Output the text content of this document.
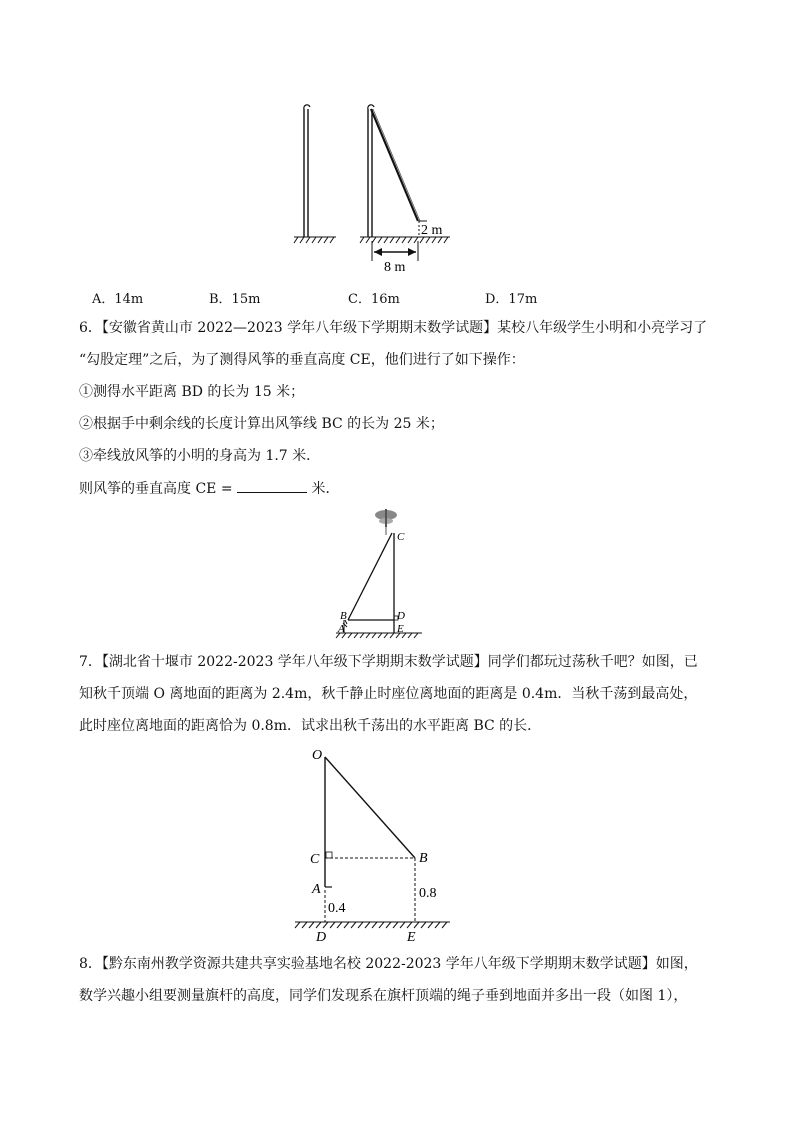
2 m
8 m
A．14m	B．15m	C．16m	D．17m
6．【安徽省黄山市 2022—2023 学年八年级下学期期末数学试题】某校八年级学生小明和小亮学习了
“勾股定理”之后，为了测得风筝的垂直高度 CE，他们进行了如下操作：
①测得水平距离 BD 的长为 15 米；
②根据手中剩余线的长度计算出风筝线 BC 的长为 25 米；
③牵线放风筝的小明的身高为 1.7 米．
则风筝的垂直高度 CE =	米．
C
B	D
A	E
7．【湖北省十堰市 2022-2023 学年八年级下学期期末数学试题】同学们都玩过荡秋千吧？如图，已
知秋千顶端 O 离地面的距离为 2.4m，秋千静止时座位离地面的距离是 0.4m．当秋千荡到最高处，
此时座位离地面的距离恰为 0.8m．试求出秋千荡出的水平距离 BC 的长．
O
C	B
A
0.4
0.8
D	E
8．【黔东南州教学资源共建共享实验基地名校 2022-2023 学年八年级下学期期末数学试题】如图，
数学兴趣小组要测量旗杆的高度，同学们发现系在旗杆顶端的绳子垂到地面并多出一段（如图 1），
